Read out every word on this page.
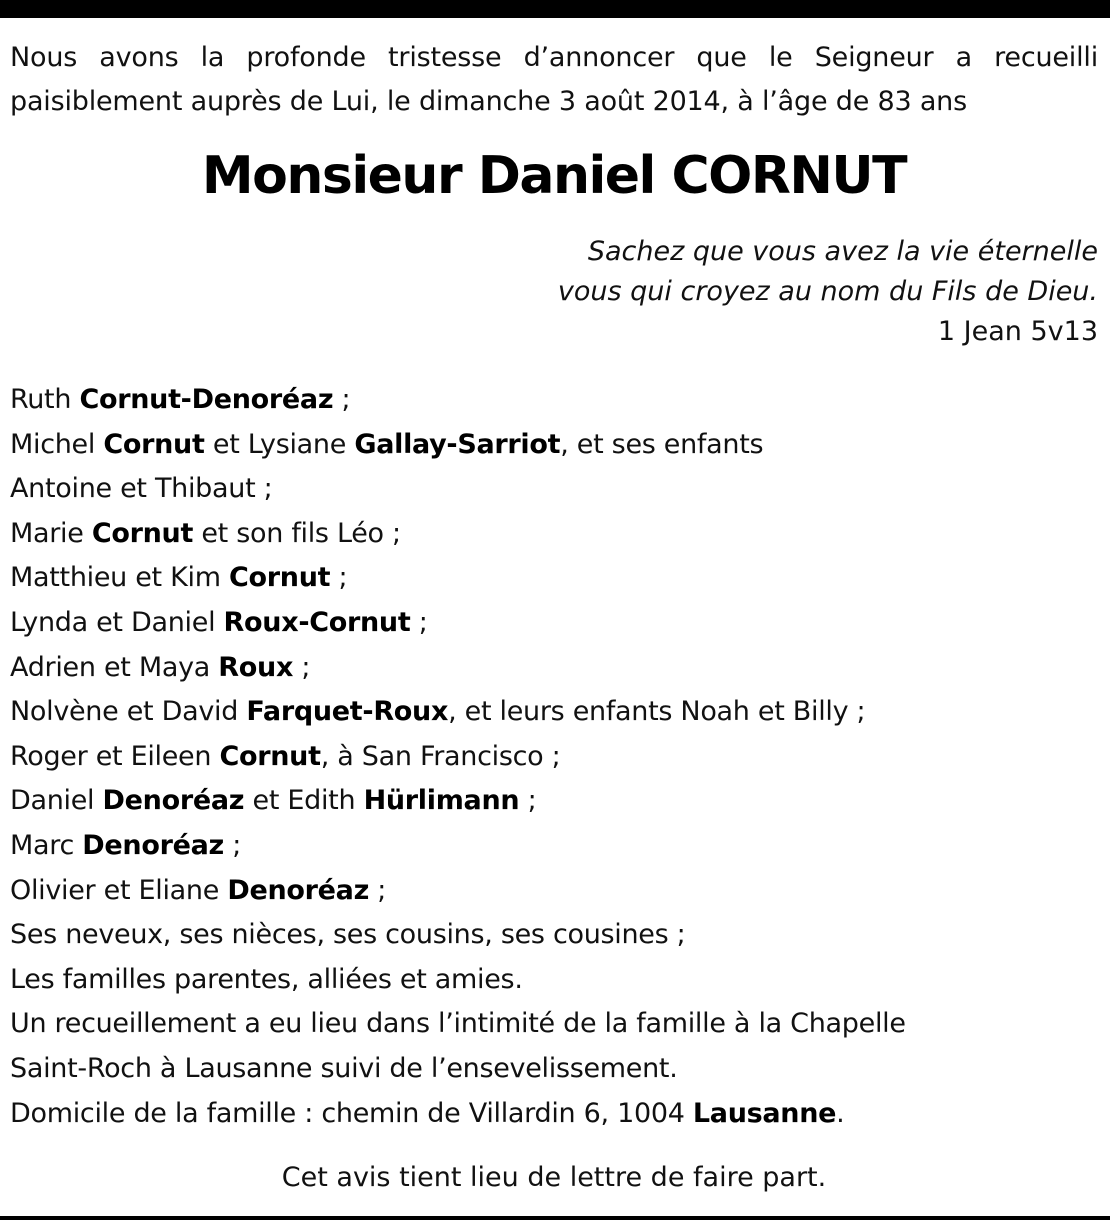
Nous avons la profonde tristesse d’annoncer que le Seigneur a recueilli paisiblement auprès de Lui, le dimanche 3 août 2014, à l’âge de 83 ans

Monsieur Daniel CORNUT
Sachez que vous avez la vie éternelle
vous qui croyez au nom du Fils de Dieu.
1 Jean 5v13
Ruth Cornut-Denoréaz ;
Michel Cornut et Lysiane Gallay-Sarriot, et ses enfants
Antoine et Thibaut ;
Marie Cornut et son fils Léo ;
Matthieu et Kim Cornut ;
Lynda et Daniel Roux-Cornut ;
Adrien et Maya Roux ;
Nolvène et David Farquet-Roux, et leurs enfants Noah et Billy ;
Roger et Eileen Cornut, à San Francisco ;
Daniel Denoréaz et Edith Hürlimann ;
Marc Denoréaz ;
Olivier et Eliane Denoréaz ;
Ses neveux, ses nièces, ses cousins, ses cousines ;
Les familles parentes, alliées et amies.
Un recueillement a eu lieu dans l’intimité de la famille à la Chapelle
Saint-Roch à Lausanne suivi de l’ensevelissement.
Domicile de la famille : chemin de Villardin 6, 1004 Lausanne.
Cet avis tient lieu de lettre de faire part.
